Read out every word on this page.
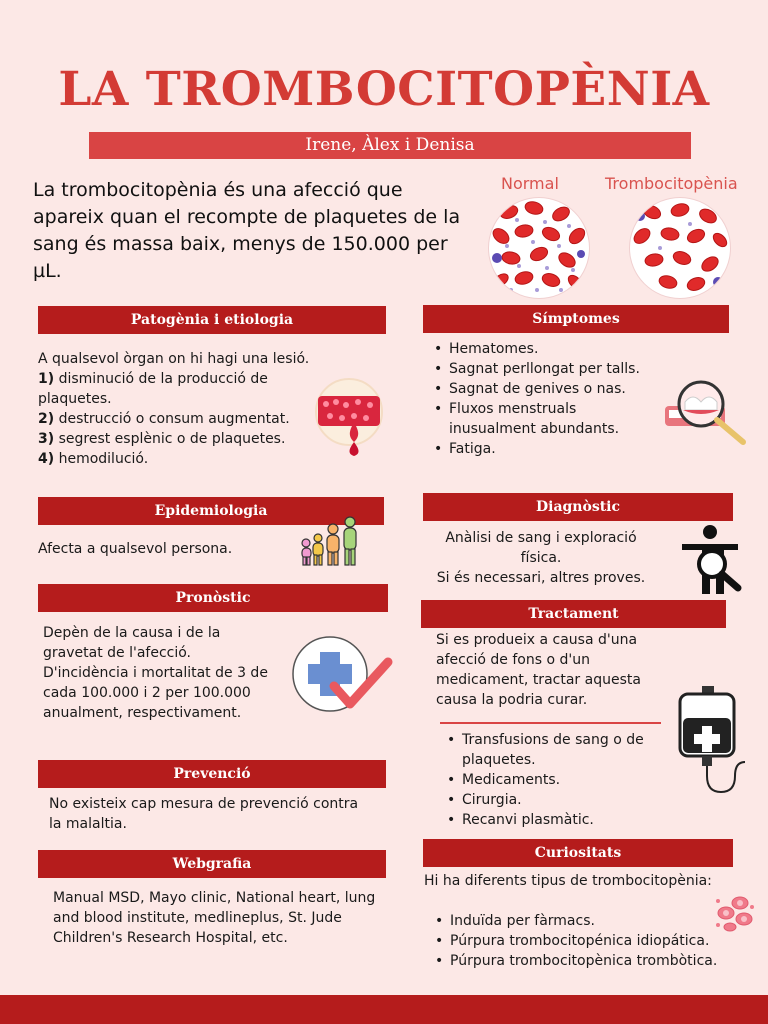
LA TROMBOCITOPÈNIA
Irene, Àlex i Denisa
La trombocitopènia és una afecció que apareix quan el recompte de plaquetes de la sang és massa baix, menys de 150.000 per µL.
Normal	Trombocitopènia
Patogènia i etiologia
A qualsevol òrgan on hi hagi una lesió.
1) disminució de la producció de plaquetes.
2) destrucció o consum augmentat.
3) segrest esplènic o de plaquetes.
4) hemodilució.
Epidemiologia
Afecta a qualsevol persona.
Pronòstic
Depèn de la causa i de la gravetat de l'afecció.
D'incidència i mortalitat de 3 de cada 100.000 i 2 per 100.000 anualment, respectivament.
Prevenció
No existeix cap mesura de prevenció contra la malaltia.
Webgrafia
Manual MSD, Mayo clinic, National heart, lung and blood institute, medlineplus, St. Jude Children's Research Hospital, etc.
Símptomes
• Hematomes.
• Sagnat perllongat per talls.
• Sagnat de genives o nas.
• Fluxos menstruals inusualment abundants.
• Fatiga.
Diagnòstic
Anàlisi de sang i exploració física.
Si és necessari, altres proves.
Tractament
Si es produeix a causa d'una afecció de fons o d'un medicament, tractar aquesta causa la podria curar.
• Transfusions de sang o de plaquetes.
• Medicaments.
• Cirurgia.
• Recanvi plasmàtic.
Curiositats
Hi ha diferents tipus de trombocitopènia:
• Induïda per fàrmacs.
• Púrpura trombocitopénica idiopática.
• Púrpura trombocitopènica trombòtica.
